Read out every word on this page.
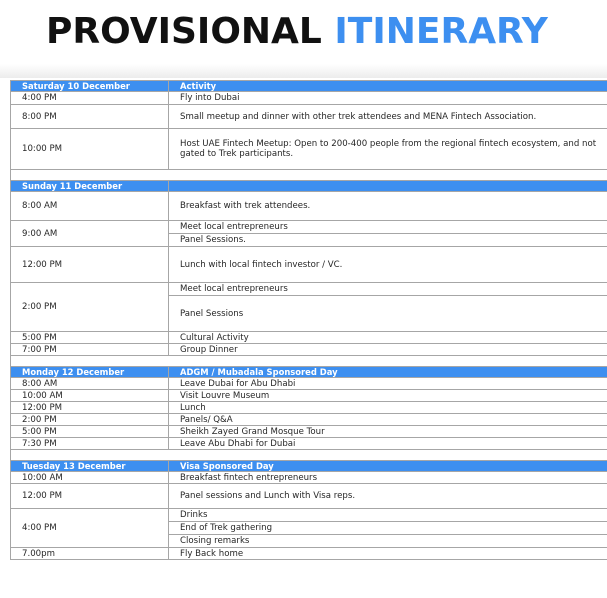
PROVISIONAL ITINERARY
Saturday 10 December	Activity
4:00 PM	Fly into Dubai
8:00 PM	Small meetup and dinner with other trek attendees and MENA Fintech Association.
10:00 PM	Host UAE Fintech Meetup: Open to 200-400 people from the regional fintech ecosystem, and not gated to Trek participants.

Sunday 11 December	
8:00 AM	Breakfast with trek attendees.
9:00 AM	Meet local entrepreneurs
	Panel Sessions.
12:00 PM	Lunch with local fintech investor / VC.
2:00 PM	Meet local entrepreneurs
	Panel Sessions
5:00 PM	Cultural Activity
7:00 PM	Group Dinner

Monday 12 December	ADGM / Mubadala Sponsored Day
8:00 AM	Leave Dubai for Abu Dhabi
10:00 AM	Visit Louvre Museum
12:00 PM	Lunch
2:00 PM	Panels/ Q&A
5:00 PM	Sheikh Zayed Grand Mosque Tour
7:30 PM	Leave Abu Dhabi for Dubai

Tuesday 13 December	Visa Sponsored Day
10:00 AM	Breakfast fintech entrepreneurs
12:00 PM	Panel sessions and Lunch with Visa reps.
4:00 PM	Drinks
	End of Trek gathering
	Closing remarks
7.00pm	Fly Back home
